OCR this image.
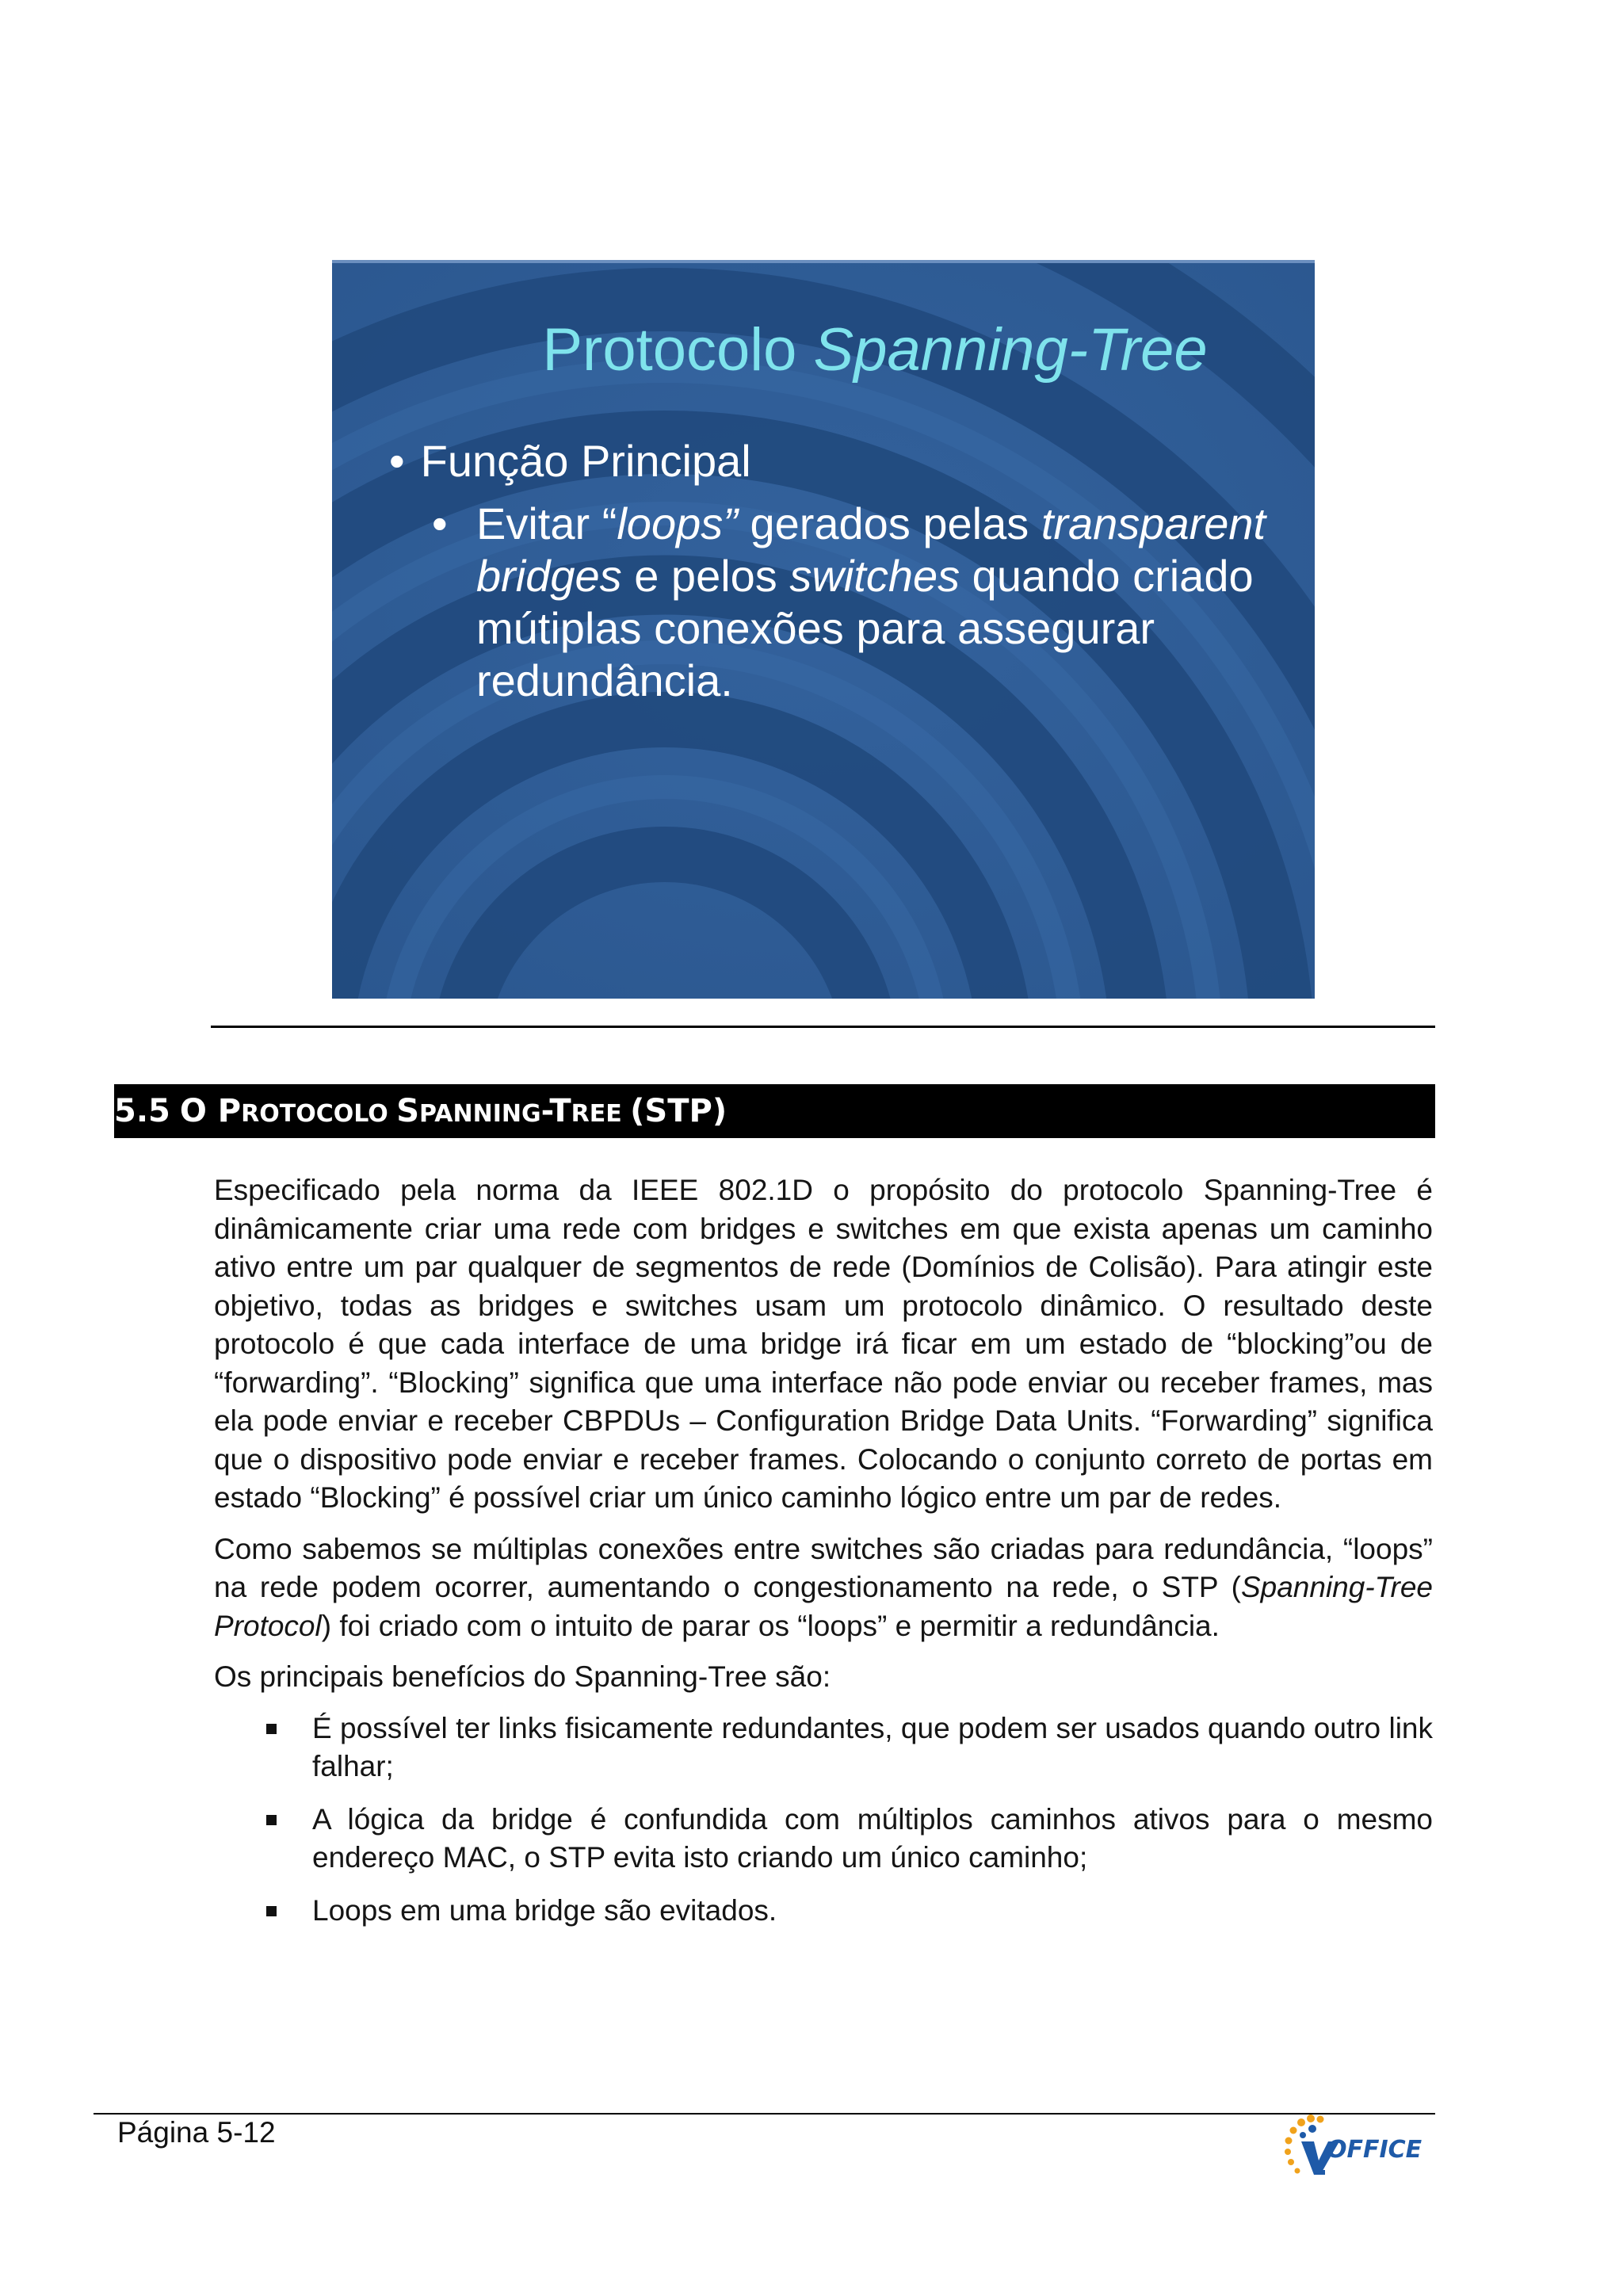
Protocolo Spanning-Tree
• Função Principal
• Evitar “loops” gerados pelas transparent
bridges e pelos switches quando criado
mútiplas conexões para assegurar
redundância.
5.5 O PROTOCOLO SPANNING-TREE (STP)

Especificado pela norma da IEEE 802.1D o propósito do protocolo Spanning-Tree é dinâmicamente criar uma rede com bridges e switches em que exista apenas um caminho ativo entre um par qualquer de segmentos de rede (Domínios de Colisão). Para atingir este objetivo, todas as bridges e switches usam um protocolo dinâmico. O resultado deste protocolo é que cada interface de uma bridge irá ficar em um estado de “blocking”ou de “forwarding”. “Blocking” significa que uma interface não pode enviar ou receber frames, mas ela pode enviar e receber CBPDUs – Configuration Bridge Data Units. “Forwarding” significa que o dispositivo pode enviar e receber frames. Colocando o conjunto correto de portas em estado “Blocking” é possível criar um único caminho lógico entre um par de redes.

Como sabemos se múltiplas conexões entre switches são criadas para redundância, “loops” na rede podem ocorrer, aumentando o congestionamento na rede, o STP (Spanning-Tree Protocol) foi criado com o intuito de parar os “loops” e permitir a redundância.

Os principais benefícios do Spanning-Tree são:

É possível ter links fisicamente redundantes, que podem ser usados quando outro link falhar;
A lógica da bridge é confundida com múltiplos caminhos ativos para o mesmo endereço MAC, o STP evita isto criando um único caminho;
Loops em uma bridge são evitados.
Página 5-12
OFFICE
